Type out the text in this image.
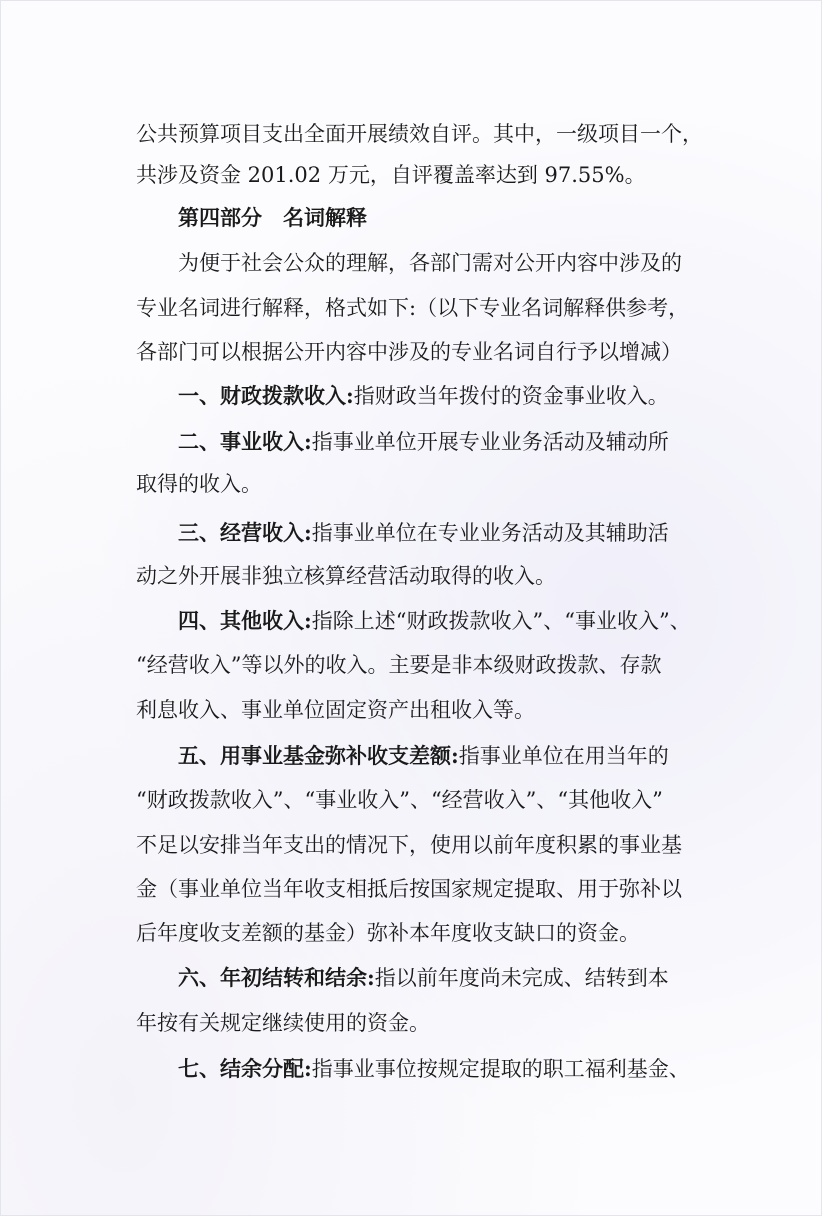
公共预算项目支出全面开展绩效自评。其中，一级项目一个，
共涉及资金 201.02 万元，自评覆盖率达到 97.55%。
第四部分　名词解释
为便于社会公众的理解，各部门需对公开内容中涉及的
专业名词进行解释，格式如下:（以下专业名词解释供参考，
各部门可以根据公开内容中涉及的专业名词自行予以增减）
一、财政拨款收入:指财政当年拨付的资金事业收入。
二、事业收入:指事业单位开展专业业务活动及辅动所
取得的收入。
三、经营收入:指事业单位在专业业务活动及其辅助活
动之外开展非独立核算经营活动取得的收入。
四、其他收入:指除上述“财政拨款收入”、“事业收入”、
“经营收入”等以外的收入。主要是非本级财政拨款、存款
利息收入、事业单位固定资产出租收入等。
五、用事业基金弥补收支差额:指事业单位在用当年的
“财政拨款收入”、“事业收入”、“经营收入”、“其他收入”
不足以安排当年支出的情况下，使用以前年度积累的事业基
金（事业单位当年收支相抵后按国家规定提取、用于弥补以
后年度收支差额的基金）弥补本年度收支缺口的资金。
六、年初结转和结余:指以前年度尚未完成、结转到本
年按有关规定继续使用的资金。
七、结余分配:指事业事位按规定提取的职工福利基金、
